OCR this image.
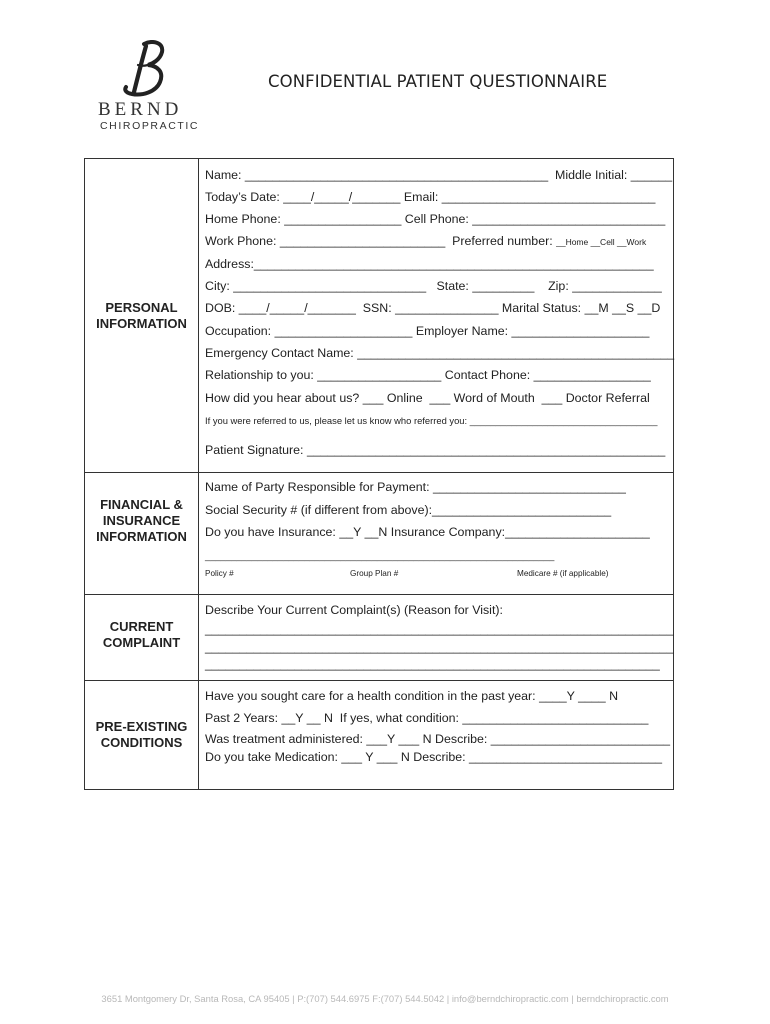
BERND
CHIROPRACTIC
CONFIDENTIAL PATIENT QUESTIONNAIRE
PERSONAL
INFORMATION
Name: ____________________________________________  Middle Initial: ______
Today’s Date: ____/_____/_______ Email: _______________________________
Home Phone: _________________ Cell Phone: ____________________________
Work Phone: ________________________  Preferred number: __Home __Cell __Work
Address:__________________________________________________________
City: ____________________________   State: _________    Zip: _____________
DOB: ____/_____/_______  SSN: _______________ Marital Status: __M __S __D
Occupation: ____________________ Employer Name: ____________________
Emergency Contact Name: ______________________________________________
Relationship to you: __________________ Contact Phone: _________________
How did you hear about us? ___ Online  ___ Word of Mouth  ___ Doctor Referral
If you were referred to us, please let us know who referred you: ____________________________________
Patient Signature: ____________________________________________________
FINANCIAL &
INSURANCE
INFORMATION
Name of Party Responsible for Payment: ____________________________
Social Security # (if different from above):__________________________
Do you have Insurance: __Y __N Insurance Company:_____________________
___________________________________________________________________
Policy #	Group Plan #	Medicare # (if applicable)
CURRENT
COMPLAINT
Describe Your Current Complaint(s) (Reason for Visit):
____________________________________________________________________
____________________________________________________________________
__________________________________________________________________
PRE-EXISTING
CONDITIONS
Have you sought care for a health condition in the past year: ____Y ____ N
Past 2 Years: __Y __ N  If yes, what condition: ___________________________
Was treatment administered: ___Y ___ N Describe: __________________________
Do you take Medication: ___ Y ___ N Describe: ____________________________
3651 Montgomery Dr, Santa Rosa, CA 95405 | P:(707) 544.6975 F:(707) 544.5042 | info@berndchiropractic.com | berndchiropractic.com
